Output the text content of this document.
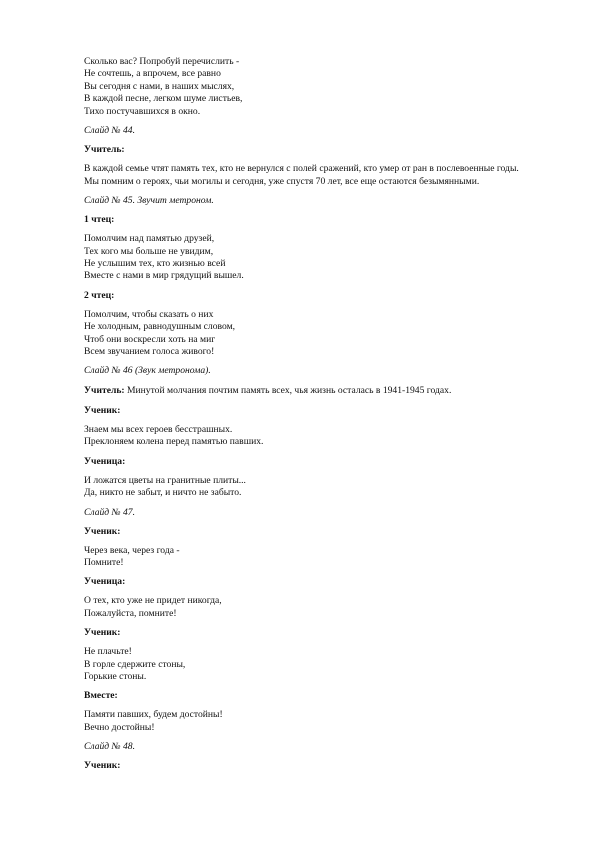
Сколько вас? Попробуй перечислить -
Не сочтешь, а впрочем, все равно
Вы сегодня с нами, в наших мыслях,
В каждой песне, легком шуме листьев,
Тихо постучавшихся в окно.
Слайд № 44.
Учитель:

В каждой семье чтят память тех, кто не вернулся с полей сражений, кто умер от ран в послевоенные годы. Мы помним о героях, чьи могилы и сегодня, уже спустя 70 лет, все еще остаются безымянными.

Слайд № 45. Звучит метроном.
1 чтец:
Помолчим над памятью друзей,
Тех кого мы больше не увидим,
Не услышим тех, кто жизнью всей
Вместе с нами в мир грядущий вышел.
2 чтец:
Помолчим, чтобы сказать о них
Не холодным, равнодушным словом,
Чтоб они воскресли хоть на миг
Всем звучанием голоса живого!
Слайд № 46 (Звук метронома).
Учитель: Минутой молчания почтим память всех, чья жизнь осталась в 1941-1945 годах.
Ученик:
Знаем мы всех героев бесстрашных.
Преклоняем колена перед памятью павших.
Ученица:
И ложатся цветы на гранитные плиты...
Да, никто не забыт, и ничто не забыто.
Слайд № 47.
Ученик:
Через века, через года -
Помните!
Ученица:
О тех, кто уже не придет никогда,
Пожалуйста, помните!
Ученик:
Не плачьте!
В горле сдержите стоны,
Горькие стоны.
Вместе:
Памяти павших, будем достойны!
Вечно достойны!
Слайд № 48.
Ученик:
